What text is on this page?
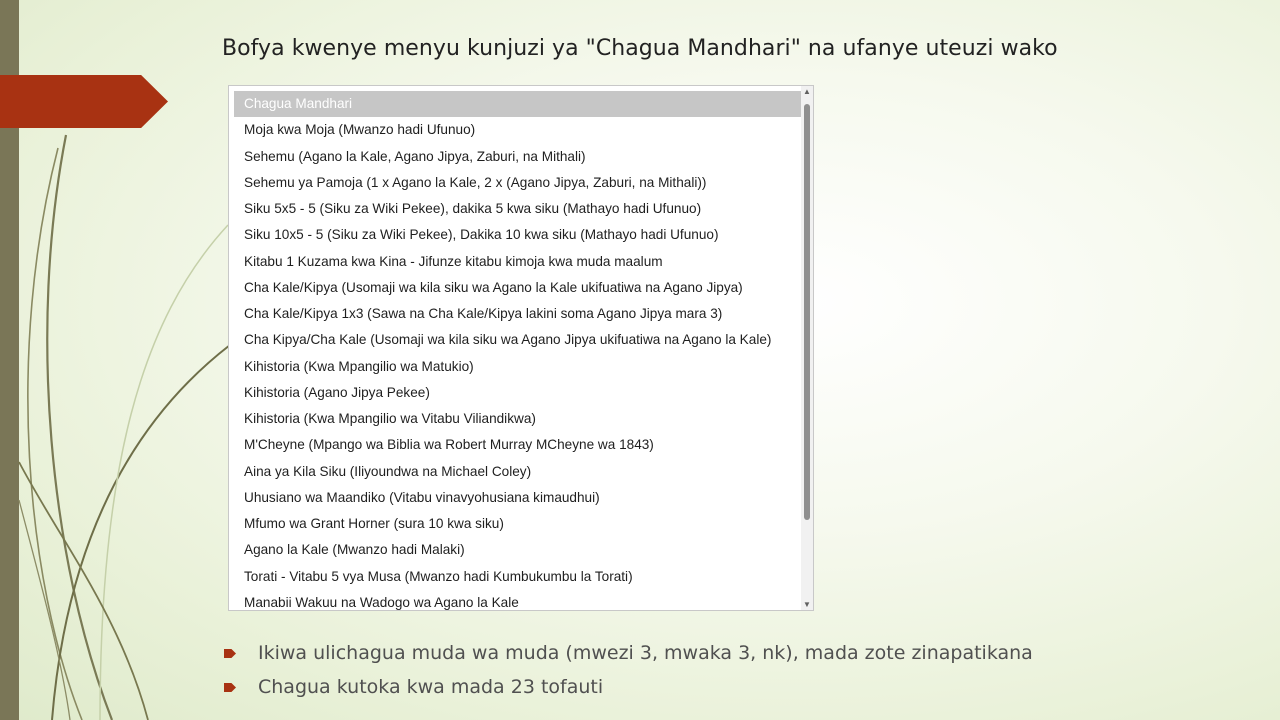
Bofya kwenye menyu kunjuzi ya "Chagua Mandhari" na ufanye uteuzi wako
Chagua Mandhari
Moja kwa Moja (Mwanzo hadi Ufunuo)
Sehemu (Agano la Kale, Agano Jipya, Zaburi, na Mithali)
Sehemu ya Pamoja (1 x Agano la Kale, 2 x (Agano Jipya, Zaburi, na Mithali))
Siku 5x5 - 5 (Siku za Wiki Pekee), dakika 5 kwa siku (Mathayo hadi Ufunuo)
Siku 10x5 - 5 (Siku za Wiki Pekee), Dakika 10 kwa siku (Mathayo hadi Ufunuo)
Kitabu 1 Kuzama kwa Kina - Jifunze kitabu kimoja kwa muda maalum
Cha Kale/Kipya (Usomaji wa kila siku wa Agano la Kale ukifuatiwa na Agano Jipya)
Cha Kale/Kipya 1x3 (Sawa na Cha Kale/Kipya lakini soma Agano Jipya mara 3)
Cha Kipya/Cha Kale (Usomaji wa kila siku wa Agano Jipya ukifuatiwa na Agano la Kale)
Kihistoria (Kwa Mpangilio wa Matukio)
Kihistoria (Agano Jipya Pekee)
Kihistoria (Kwa Mpangilio wa Vitabu Viliandikwa)
M'Cheyne (Mpango wa Biblia wa Robert Murray MCheyne wa 1843)
Aina ya Kila Siku (Iliyoundwa na Michael Coley)
Uhusiano wa Maandiko (Vitabu vinavyohusiana kimaudhui)
Mfumo wa Grant Horner (sura 10 kwa siku)
Agano la Kale (Mwanzo hadi Malaki)
Torati - Vitabu 5 vya Musa (Mwanzo hadi Kumbukumbu la Torati)
Manabii Wakuu na Wadogo wa Agano la Kale
▲
▼
Ikiwa ulichagua muda wa muda (mwezi 3, mwaka 3, nk), mada zote zinapatikana
Chagua kutoka kwa mada 23 tofauti
